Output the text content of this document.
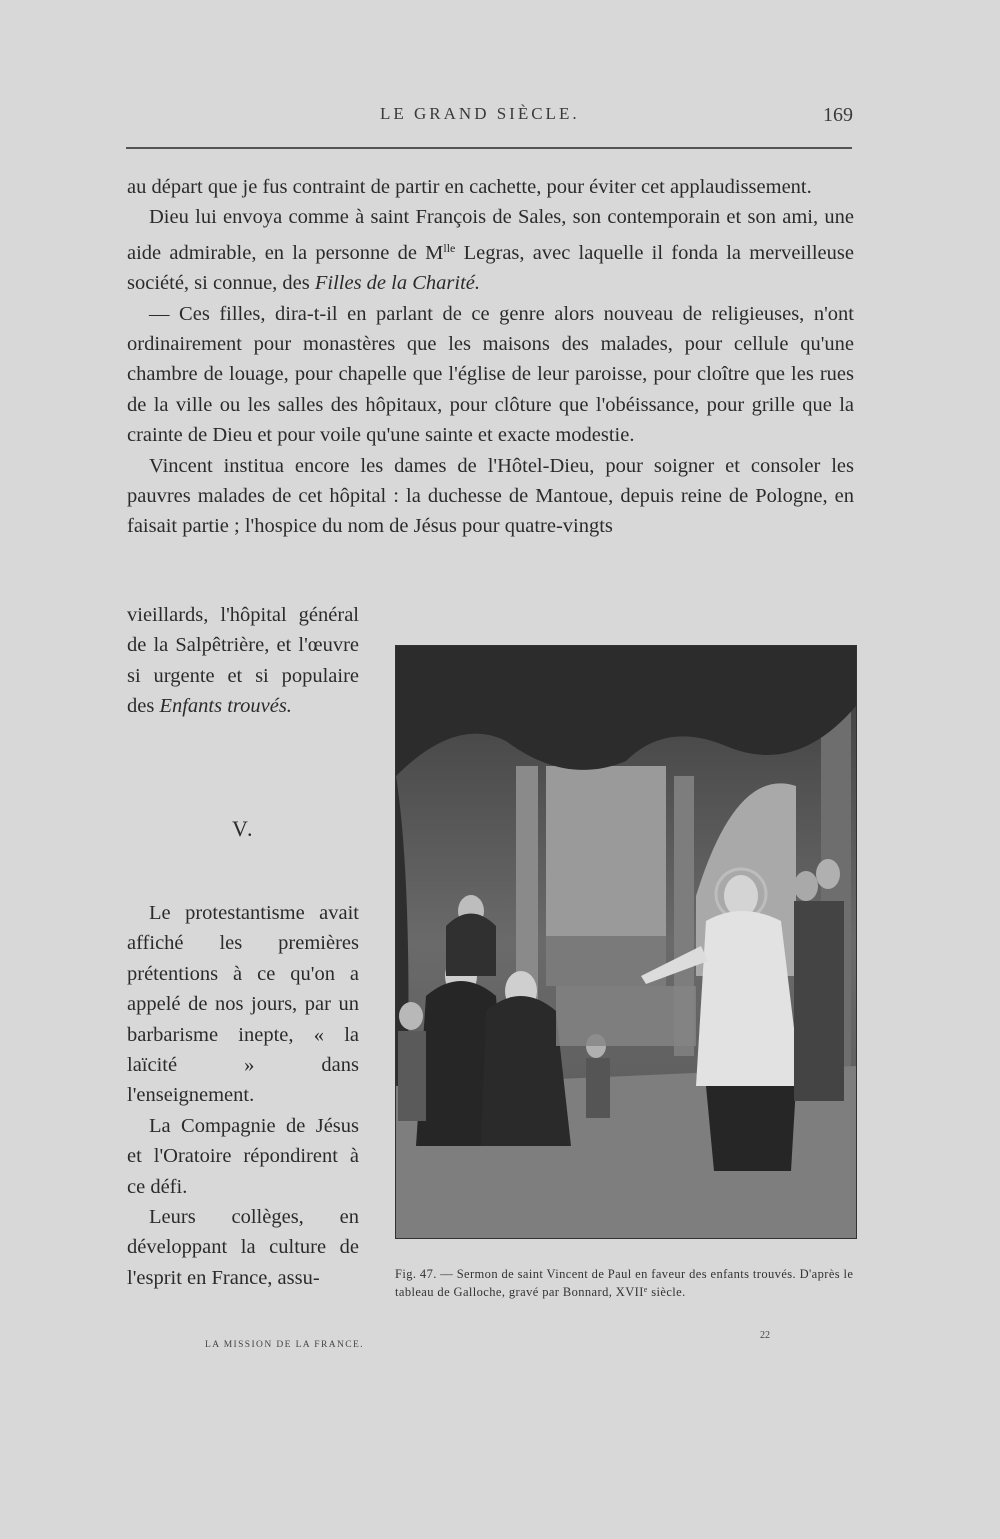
LE GRAND SIÈCLE.	169

au départ que je fus contraint de partir en cachette, pour éviter cet applaudissement.

Dieu lui envoya comme à saint François de Sales, son contemporain et son ami, une aide admirable, en la personne de $M^{lle}$ Legras, avec laquelle il fonda la merveilleuse société, si connue, des Filles de la Charité.

— Ces filles, dira-t-il en parlant de ce genre alors nouveau de religieuses, n'ont ordinairement pour monastères que les maisons des malades, pour cellule qu'une chambre de louage, pour chapelle que l'église de leur paroisse, pour cloître que les rues de la ville ou les salles des hôpitaux, pour clôture que l'obéissance, pour grille que la crainte de Dieu et pour voile qu'une sainte et exacte modestie.

Vincent institua encore les dames de l'Hôtel-Dieu, pour soigner et consoler les pauvres malades de cet hôpital : la duchesse de Mantoue, depuis reine de Pologne, en faisait partie ; l'hospice du nom de Jésus pour quatre-vingts

vieillards, l'hôpital général de la Salpêtrière, et l'œuvre si urgente et si populaire des Enfants trouvés.

V.

Le protestantisme avait affiché les premières prétentions à ce qu'on a appelé de nos jours, par un barbarisme inepte, « la laïcité » dans l'enseignement.

La Compagnie de Jésus et l'Oratoire répondirent à ce défi.

Leurs collèges, en développant la culture de l'esprit en France, assu-	Fig. 47. — Sermon de saint Vincent de Paul en faveur des enfants trouvés. D'après le tableau de Galloche, gravé par Bonnard, XVIIe siècle.
LA MISSION DE LA FRANCE.
22
